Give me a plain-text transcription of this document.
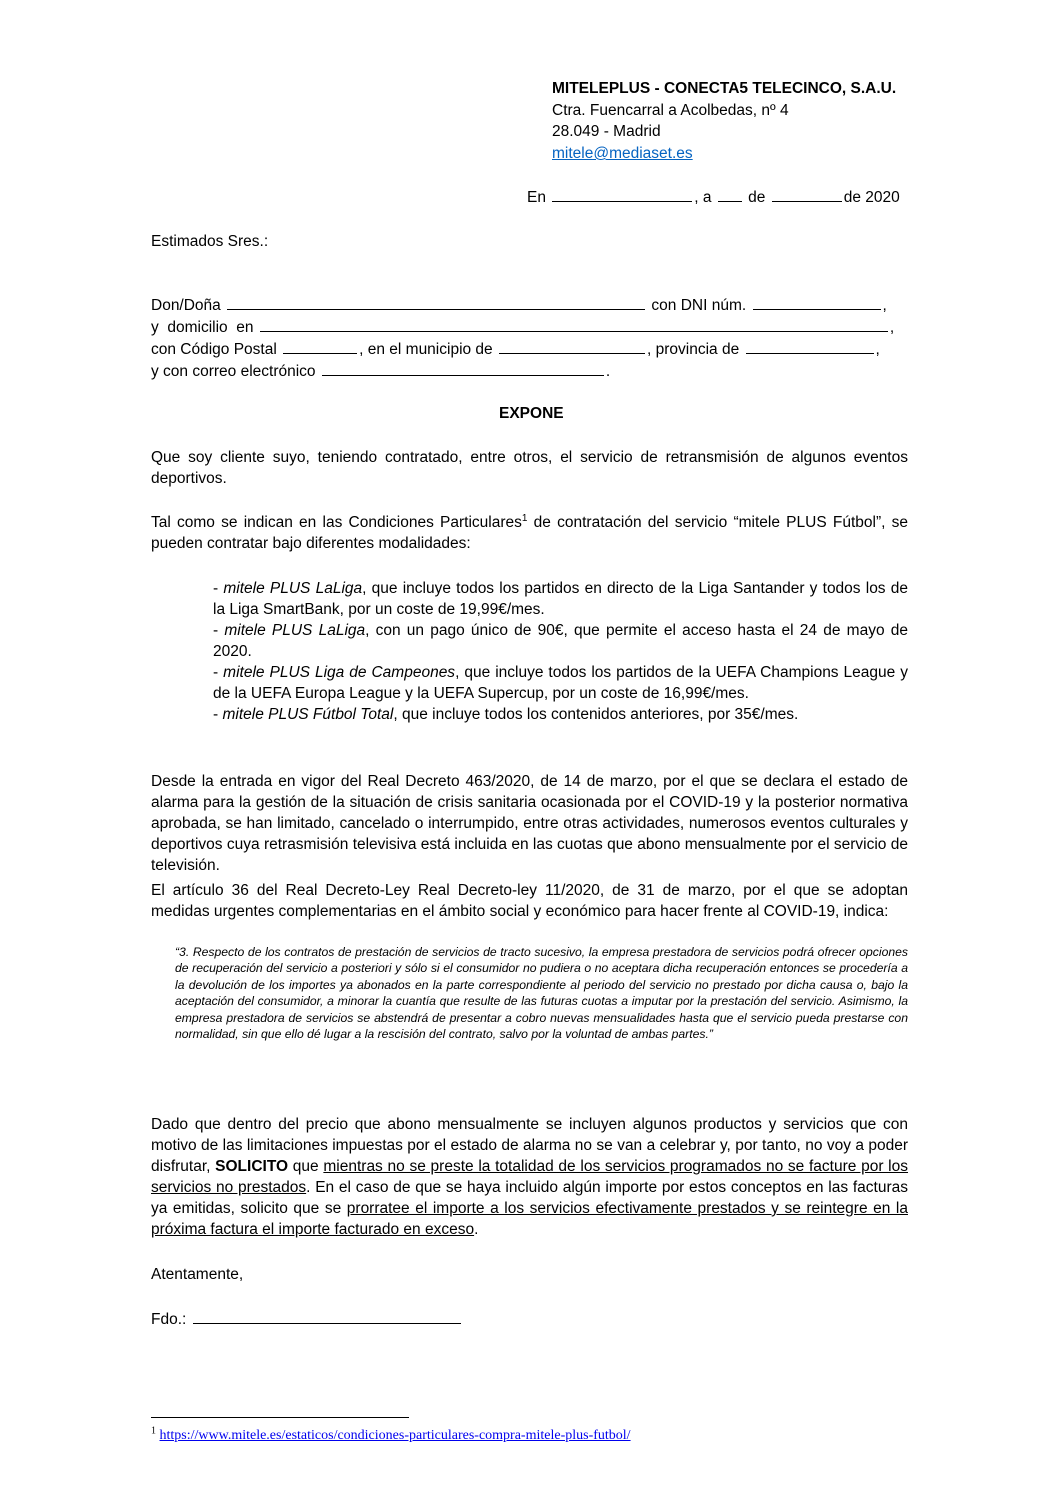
MITELEPLUS - CONECTA5 TELECINCO, S.A.U.
Ctra. Fuencarral a Acolbedas, nº 4
28.049 - Madrid
mitele@mediaset.es
En	, a de	de 2020
Estimados Sres.:
Don/Doña	con DNI núm.	,
y  domicilio  en	,
con Código Postal	, en el municipio de	, provincia de	,
y con correo electrónico	.
EXPONE
Que soy cliente suyo, teniendo contratado, entre otros, el servicio de retransmisión de algunos eventos deportivos.
Tal como se indican en las Condiciones Particulares$^1$ de contratación del servicio “mitele PLUS Fútbol”, se pueden contratar bajo diferentes modalidades:
- mitele PLUS LaLiga, que incluye todos los partidos en directo de la Liga Santander y todos los de la Liga SmartBank, por un coste de 19,99€/mes.
- mitele PLUS LaLiga, con un pago único de 90€, que permite el acceso hasta el 24 de mayo de 2020.
- mitele PLUS Liga de Campeones, que incluye todos los partidos de la UEFA Champions League y de la UEFA Europa League y la UEFA Supercup, por un coste de 16,99€/mes.
- mitele PLUS Fútbol Total, que incluye todos los contenidos anteriores, por 35€/mes.
Desde la entrada en vigor del Real Decreto 463/2020, de 14 de marzo, por el que se declara el estado de alarma para la gestión de la situación de crisis sanitaria ocasionada por el COVID-19 y la posterior normativa aprobada, se han limitado, cancelado o interrumpido, entre otras actividades, numerosos eventos culturales y deportivos cuya retrasmisión televisiva está incluida en las cuotas que abono mensualmente por el servicio de televisión.
El artículo 36 del Real Decreto-Ley Real Decreto-ley 11/2020, de 31 de marzo, por el que se adoptan medidas urgentes complementarias en el ámbito social y económico para hacer frente al COVID-19, indica:
“3. Respecto de los contratos de prestación de servicios de tracto sucesivo, la empresa prestadora de servicios podrá ofrecer opciones de recuperación del servicio a posteriori y sólo si el consumidor no pudiera o no aceptara dicha recuperación entonces se procedería a la devolución de los importes ya abonados en la parte correspondiente al periodo del servicio no prestado por dicha causa o, bajo la aceptación del consumidor, a minorar la cuantía que resulte de las futuras cuotas a imputar por la prestación del servicio. Asimismo, la empresa prestadora de servicios se abstendrá de presentar a cobro nuevas mensualidades hasta que el servicio pueda prestarse con normalidad, sin que ello dé lugar a la rescisión del contrato, salvo por la voluntad de ambas partes.”
Dado que dentro del precio que abono mensualmente se incluyen algunos productos y servicios que con motivo de las limitaciones impuestas por el estado de alarma no se van a celebrar y, por tanto, no voy a poder disfrutar, SOLICITO que mientras no se preste la totalidad de los servicios programados no se facture por los servicios no prestados. En el caso de que se haya incluido algún importe por estos conceptos en las facturas ya emitidas, solicito que se prorratee el importe a los servicios efectivamente prestados y se reintegre en la próxima factura el importe facturado en exceso.
Atentamente,
Fdo.:
$^1$ https://www.mitele.es/estaticos/condiciones-particulares-compra-mitele-plus-futbol/
